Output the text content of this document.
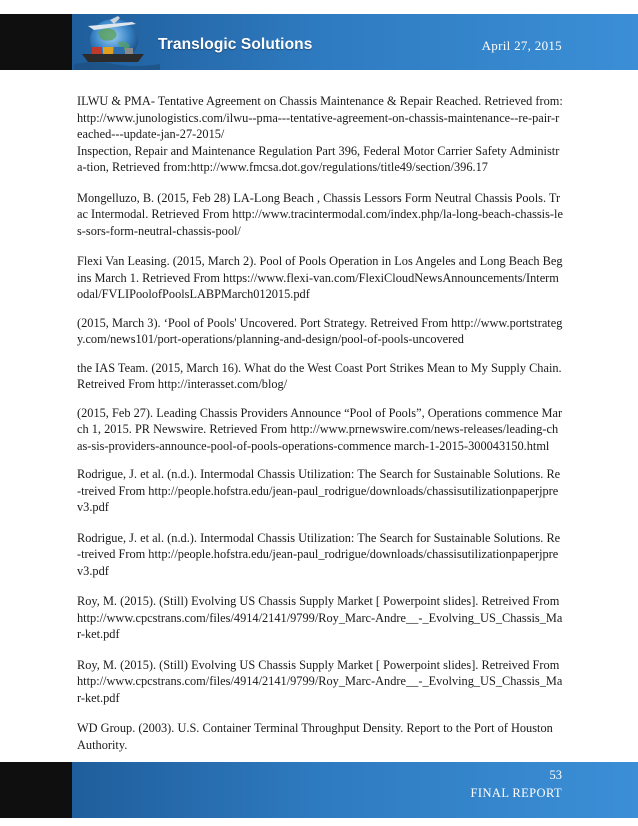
Translogic Solutions	April 27, 2015

ILWU & PMA- Tentative Agreement on Chassis Maintenance & Repair Reached. Retrieved from:http://www.junologistics.com/ilwu--pma---tentative-agreement-on-chassis-maintenance--re-pair-reached---update-jan-27-2015/

Inspection, Repair and Maintenance Regulation Part 396, Federal Motor Carrier Safety Administra-tion, Retrieved from:http://www.fmcsa.dot.gov/regulations/title49/section/396.17

Mongelluzo, B. (2015, Feb 28) LA-Long Beach , Chassis Lessors Form Neutral Chassis Pools. Trac Intermodal. Retrieved From http://www.tracintermodal.com/index.php/la-long-beach-chassis-les-sors-form-neutral-chassis-pool/

Flexi Van Leasing. (2015, March 2). Pool of Pools Operation in Los Angeles and Long Beach Begins March 1. Retrieved From https://www.flexi-van.com/FlexiCloudNewsAnnouncements/Intermodal/FVLIPoolofPoolsLABPMarch012015.pdf

(2015, March 3). ‘Pool of Pools' Uncovered. Port Strategy. Retreived From http://www.portstrategy.com/news101/port-operations/planning-and-design/pool-of-pools-uncovered

the IAS Team. (2015, March 16). What do the West Coast Port Strikes Mean to My Supply Chain. Retreived From http://interasset.com/blog/

(2015, Feb 27). Leading Chassis Providers Announce “Pool of Pools”, Operations commence March 1, 2015. PR Newswire. Retrieved From http://www.prnewswire.com/news-releases/leading-chas-sis-providers-announce-pool-of-pools-operations-commence march-1-2015-300043150.html

Rodrigue, J. et al. (n.d.). Intermodal Chassis Utilization: The Search for Sustainable Solutions. Re-treived From http://people.hofstra.edu/jean-paul_rodrigue/downloads/chassisutilizationpaperjprev3.pdf

Rodrigue, J. et al. (n.d.). Intermodal Chassis Utilization: The Search for Sustainable Solutions. Re-treived From http://people.hofstra.edu/jean-paul_rodrigue/downloads/chassisutilizationpaperjprev3.pdf

Roy, M. (2015). (Still) Evolving US Chassis Supply Market [ Powerpoint slides]. Retreived From http://www.cpcstrans.com/files/4914/2141/9799/Roy_Marc-Andre__-_Evolving_US_Chassis_Mar-ket.pdf

Roy, M. (2015). (Still) Evolving US Chassis Supply Market [ Powerpoint slides]. Retreived From http://www.cpcstrans.com/files/4914/2141/9799/Roy_Marc-Andre__-_Evolving_US_Chassis_Mar-ket.pdf

WD Group. (2003). U.S. Container Terminal Throughput Density. Report to the Port of Houston Authority.

53
FINAL REPORT
